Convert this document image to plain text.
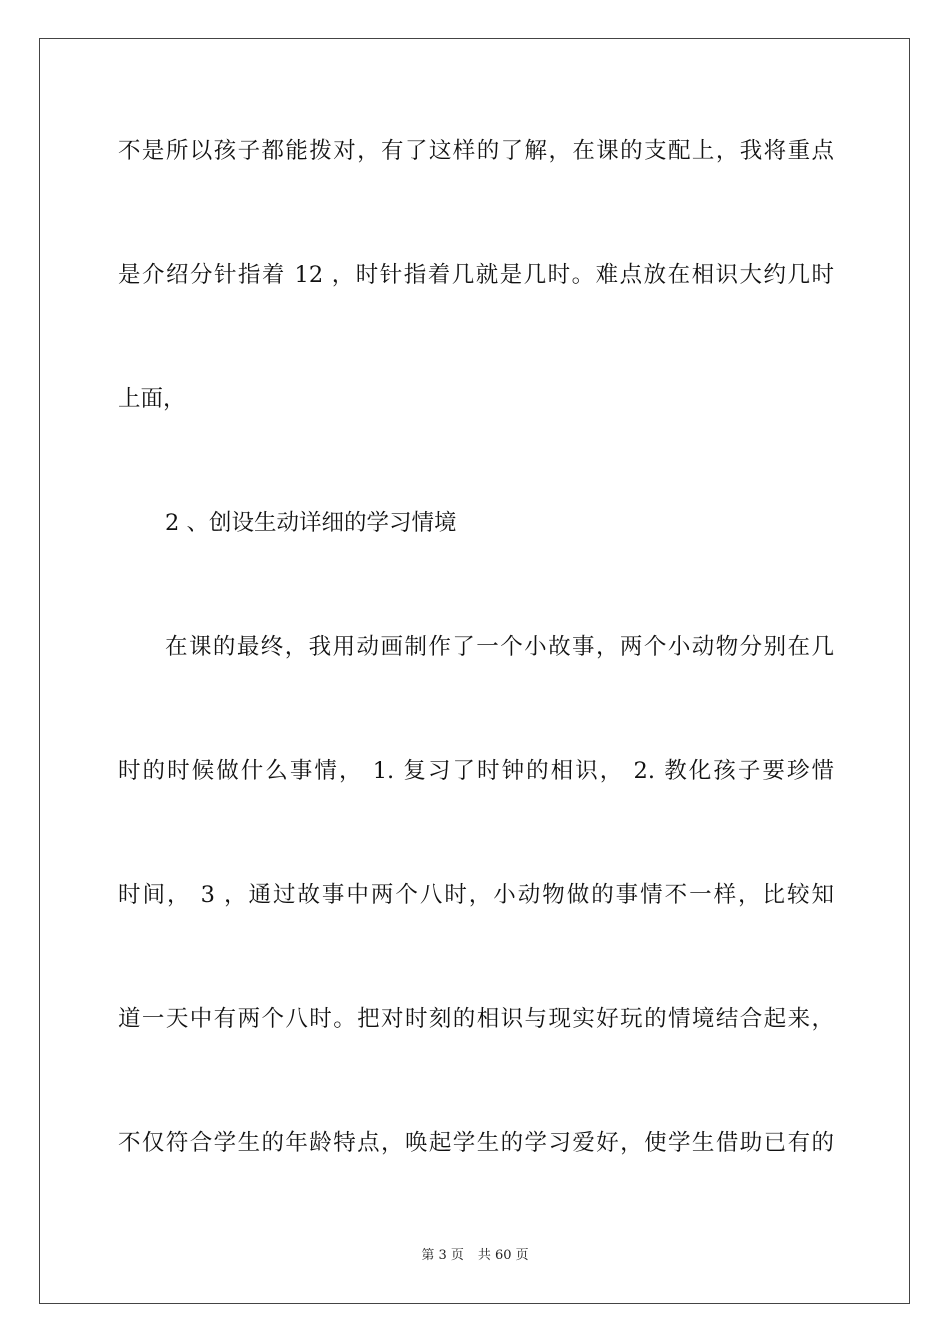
不是所以孩子都能拨对，有了这样的了解，在课的支配上，我将重点
是介绍分针指着 12 ，时针指着几就是几时。难点放在相识大约几时
上面，
2 、创设生动详细的学习情境
在课的最终，我用动画制作了一个小故事，两个小动物分别在几
时的时候做什么事情， 1. 复习了时钟的相识， 2. 教化孩子要珍惜
时间， 3 ，通过故事中两个八时，小动物做的事情不一样，比较知
道一天中有两个八时。把对时刻的相识与现实好玩的情境结合起来，
不仅符合学生的年龄特点，唤起学生的学习爱好，使学生借助已有的
第 3 页 共 60 页
